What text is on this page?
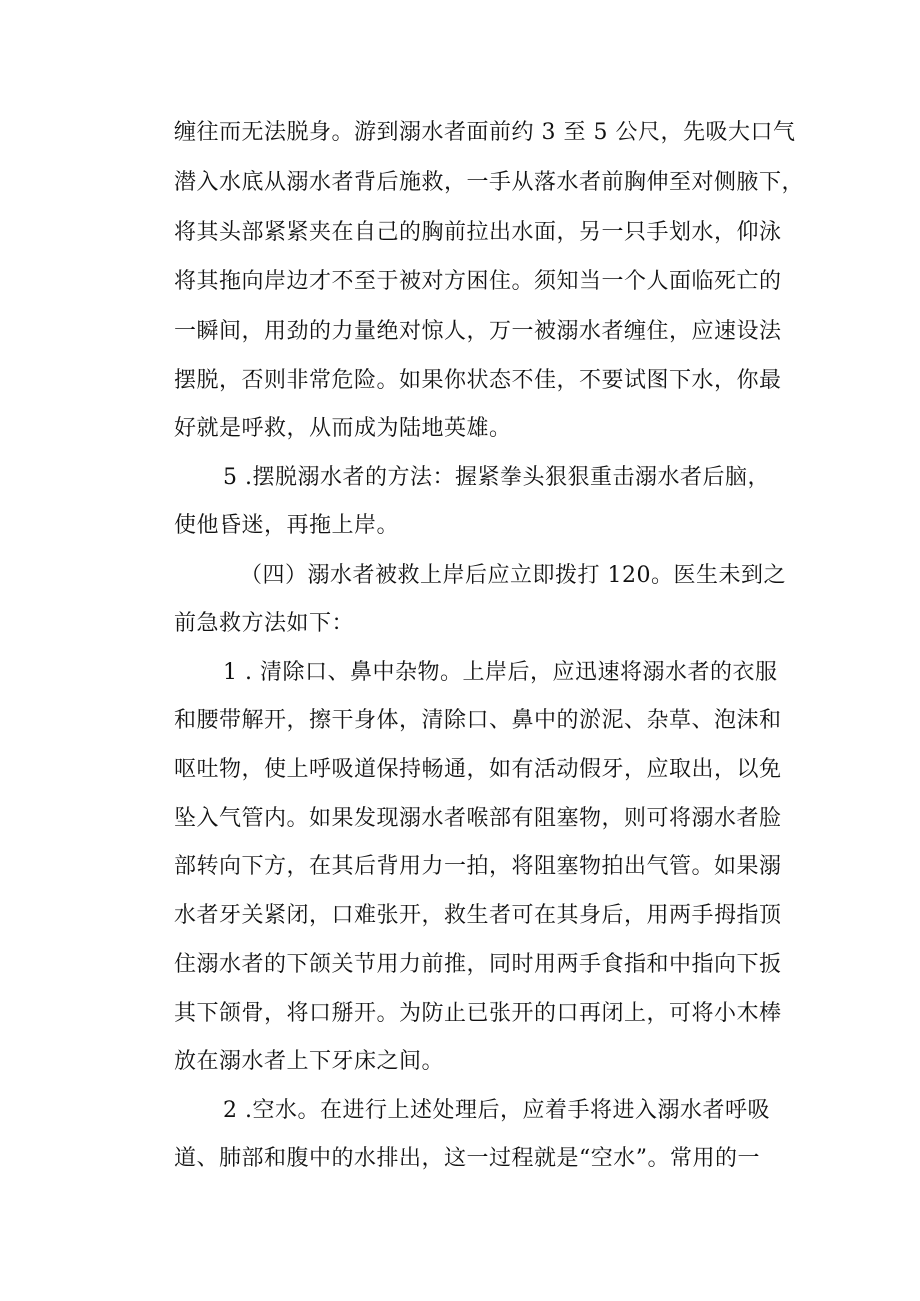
缠往而无法脱身。游到溺水者面前约 3 至 5 公尺，先吸大口气
潜入水底从溺水者背后施救，一手从落水者前胸伸至对侧腋下，
将其头部紧紧夹在自己的胸前拉出水面，另一只手划水，仰泳
将其拖向岸边才不至于被对方困住。须知当一个人面临死亡的
一瞬间，用劲的力量绝对惊人，万一被溺水者缠住，应速设法
摆脱，否则非常危险。如果你状态不佳，不要试图下水，你最
好就是呼救，从而成为陆地英雄。
5 .摆脱溺水者的方法：握紧拳头狠狠重击溺水者后脑，
使他昏迷，再拖上岸。
（四）溺水者被救上岸后应立即拨打 120。医生未到之
前急救方法如下：
1 . 清除口、鼻中杂物。上岸后，应迅速将溺水者的衣服
和腰带解开，擦干身体，清除口、鼻中的淤泥、杂草、泡沫和
呕吐物，使上呼吸道保持畅通，如有活动假牙，应取出，以免
坠入气管内。如果发现溺水者喉部有阻塞物，则可将溺水者脸
部转向下方，在其后背用力一拍，将阻塞物拍出气管。如果溺
水者牙关紧闭，口难张开，救生者可在其身后，用两手拇指顶
住溺水者的下颌关节用力前推，同时用两手食指和中指向下扳
其下颌骨，将口掰开。为防止已张开的口再闭上，可将小木棒
放在溺水者上下牙床之间。
2 .空水。在进行上述处理后，应着手将进入溺水者呼吸
道、肺部和腹中的水排出，这一过程就是“空水”。常用的一
